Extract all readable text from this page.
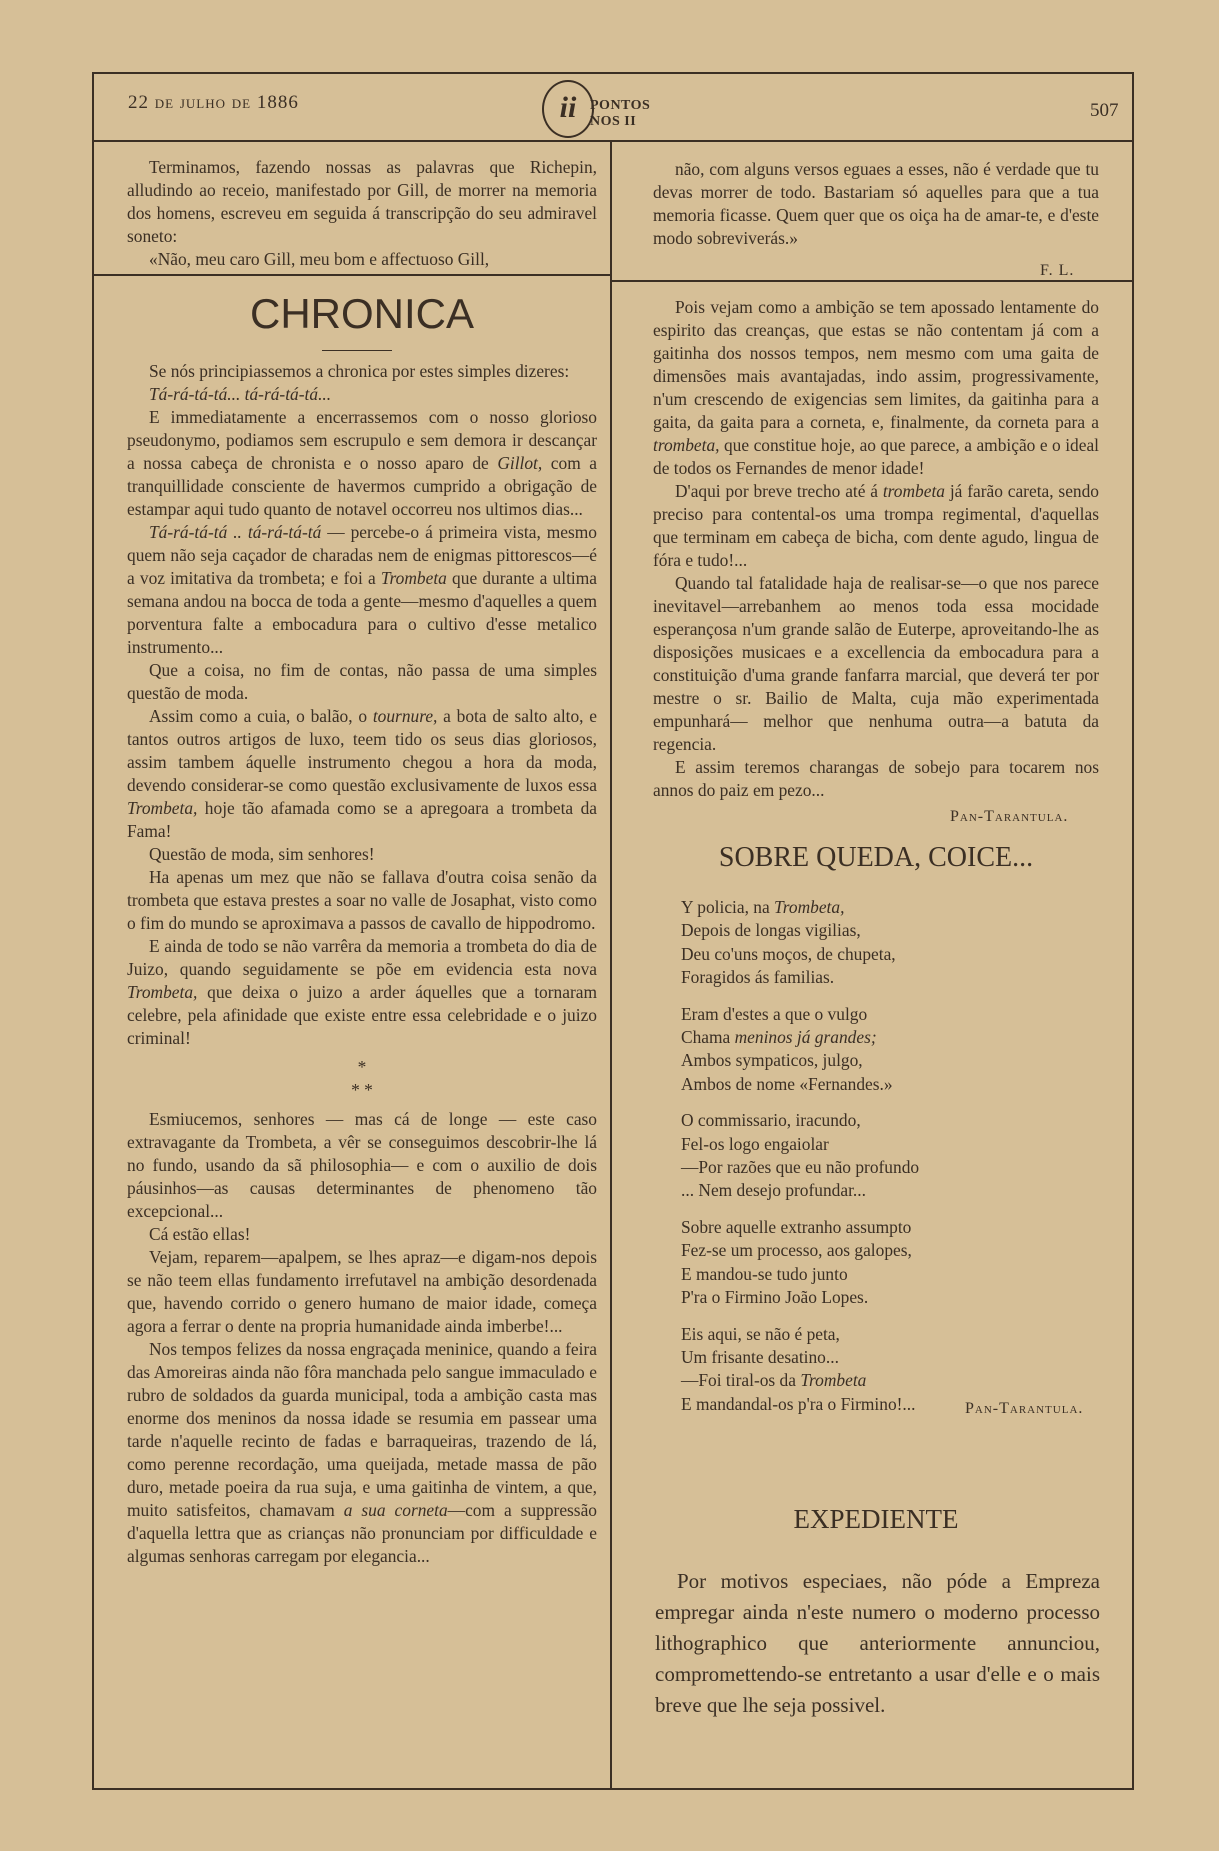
22 de julho de 1886	ii PONTOS NOS II
507

Terminamos, fazendo nossas as palavras que Richepin, alludindo ao receio, manifestado por Gill, de morrer na memoria dos homens, escreveu em seguida á transcripção do seu admiravel soneto:

«Não, meu caro Gill, meu bom e affectuoso Gill,

não, com alguns versos eguaes a esses, não é verdade que tu devas morrer de todo. Bastariam só aquelles para que a tua memoria ficasse. Quem quer que os oiça ha de amar-te, e d'este modo sobreviverás.»

F. L.
CHRONICA

Se nós principiassemos a chronica por estes simples dizeres:

Tá-rá-tá-tá... tá-rá-tá-tá...

E immediatamente a encerrassemos com o nosso glorioso pseudonymo, podiamos sem escrupulo e sem demora ir descançar a nossa cabeça de chronista e o nosso aparo de Gillot, com a tranquillidade consciente de havermos cumprido a obrigação de estampar aqui tudo quanto de notavel occorreu nos ultimos dias...

Tá-rá-tá-tá .. tá-rá-tá-tá — percebe-o á primeira vista, mesmo quem não seja caçador de charadas nem de enigmas pittorescos—é a voz imitativa da trombeta; e foi a Trombeta que durante a ultima semana andou na bocca de toda a gente—mesmo d'aquelles a quem porventura falte a embocadura para o cultivo d'esse metalico instrumento...

Que a coisa, no fim de contas, não passa de uma simples questão de moda.

Assim como a cuia, o balão, o tournure, a bota de salto alto, e tantos outros artigos de luxo, teem tido os seus dias gloriosos, assim tambem áquelle instrumento chegou a hora da moda, devendo considerar-se como questão exclusivamente de luxos essa Trombeta, hoje tão afamada como se a apregoara a trombeta da Fama!

Questão de moda, sim senhores!

Ha apenas um mez que não se fallava d'outra coisa senão da trombeta que estava prestes a soar no valle de Josaphat, visto como o fim do mundo se aproximava a passos de cavallo de hippodromo.

E ainda de todo se não varrêra da memoria a trombeta do dia de Juizo, quando seguidamente se põe em evidencia esta nova Trombeta, que deixa o juizo a arder áquelles que a tornaram celebre, pela afinidade que existe entre essa celebridade e o juizo criminal!

*
* *

Esmiucemos, senhores — mas cá de longe — este caso extravagante da Trombeta, a vêr se conseguimos descobrir-lhe lá no fundo, usando da sã philosophia— e com o auxilio de dois páusinhos—as causas determinantes de phenomeno tão excepcional...

Cá estão ellas!

Vejam, reparem—apalpem, se lhes apraz—e digam-nos depois se não teem ellas fundamento irrefutavel na ambição desordenada que, havendo corrido o genero humano de maior idade, começa agora a ferrar o dente na propria humanidade ainda imberbe!...

Nos tempos felizes da nossa engraçada meninice, quando a feira das Amoreiras ainda não fôra manchada pelo sangue immaculado e rubro de soldados da guarda municipal, toda a ambição casta mas enorme dos meninos da nossa idade se resumia em passear uma tarde n'aquelle recinto de fadas e barraqueiras, trazendo de lá, como perenne recordação, uma queijada, metade massa de pão duro, metade poeira da rua suja, e uma gaitinha de vintem, a que, muito satisfeitos, chamavam a sua corneta—com a suppressão d'aquella lettra que as crianças não pronunciam por difficuldade e algumas senhoras carregam por elegancia...

Pois vejam como a ambição se tem apossado lentamente do espirito das creanças, que estas se não contentam já com a gaitinha dos nossos tempos, nem mesmo com uma gaita de dimensões mais avantajadas, indo assim, progressivamente, n'um crescendo de exigencias sem limites, da gaitinha para a gaita, da gaita para a corneta, e, finalmente, da corneta para a trombeta, que constitue hoje, ao que parece, a ambição e o ideal de todos os Fernandes de menor idade!

D'aqui por breve trecho até á trombeta já farão careta, sendo preciso para contental-os uma trompa regimental, d'aquellas que terminam em cabeça de bicha, com dente agudo, lingua de fóra e tudo!...

Quando tal fatalidade haja de realisar-se—o que nos parece inevitavel—arrebanhem ao menos toda essa mocidade esperançosa n'um grande salão de Euterpe, aproveitando-lhe as disposições musicaes e a excellencia da embocadura para a constituição d'uma grande fanfarra marcial, que deverá ter por mestre o sr. Bailio de Malta, cuja mão experimentada empunhará— melhor que nenhuma outra—a batuta da regencia.

E assim teremos charangas de sobejo para tocarem nos annos do paiz em pezo...

Pan-Tarantula.
SOBRE QUEDA, COICE...
Y policia, na Trombeta,
Depois de longas vigilias,
Deu co'uns moços, de chupeta,
Foragidos ás familias.
Eram d'estes a que o vulgo
Chama meninos já grandes;
Ambos sympaticos, julgo,
Ambos de nome «Fernandes.»
O commissario, iracundo,
Fel-os logo engaiolar
—Por razões que eu não profundo
... Nem desejo profundar...
Sobre aquelle extranho assumpto
Fez-se um processo, aos galopes,
E mandou-se tudo junto
P'ra o Firmino João Lopes.
Eis aqui, se não é peta,
Um frisante desatino...
—Foi tiral-os da Trombeta
E mandandal-os p'ra o Firmino!...	Pan-Tarantula.
EXPEDIENTE

Por motivos especiaes, não póde a Empreza empregar ainda n'este numero o moderno processo lithographico que anteriormente annunciou, compromettendo-se entretanto a usar d'elle e o mais breve que lhe seja possivel.
